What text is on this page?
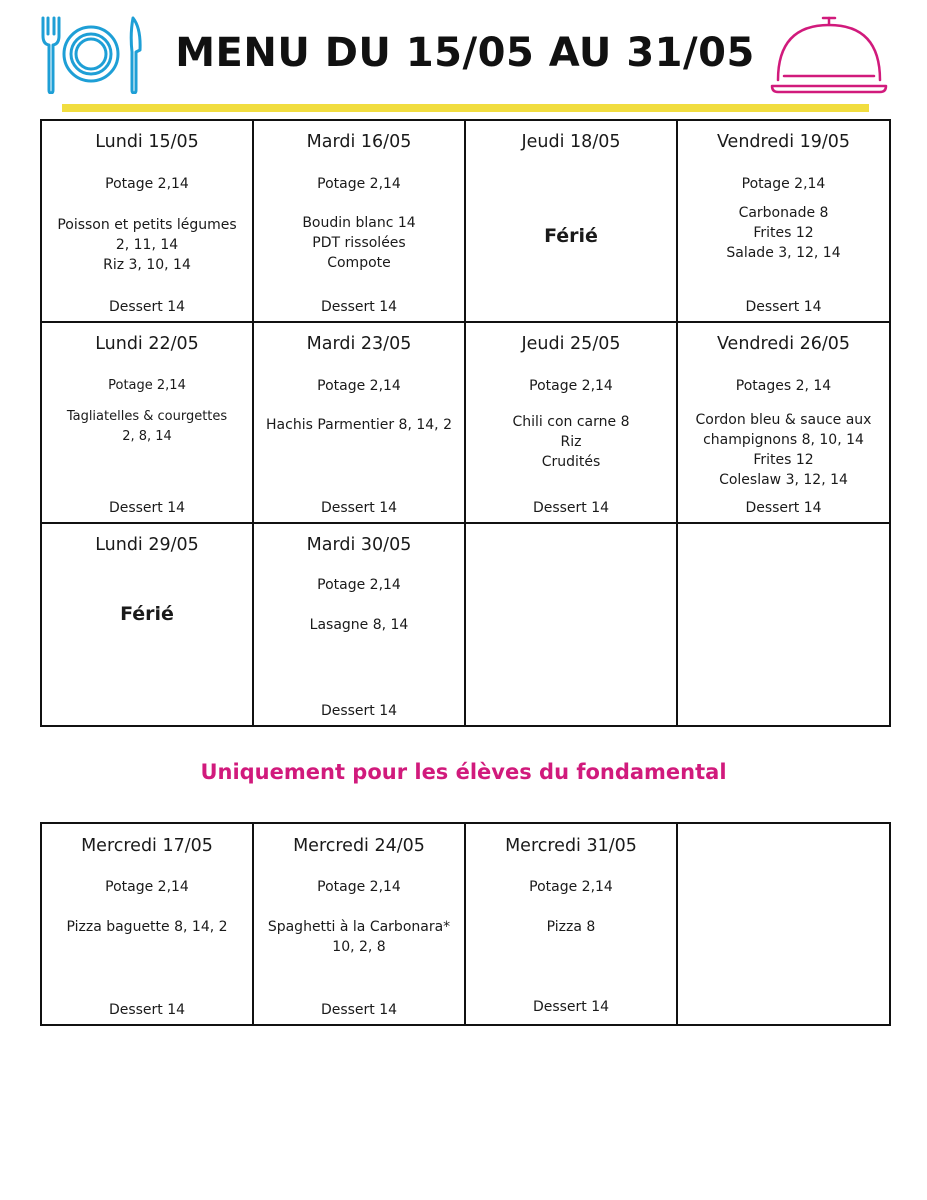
MENU DU 15/05 AU 31/05
Lundi 15/05
Potage 2,14
Poisson et petits légumes
2, 11, 14
Riz 3, 10, 14
Dessert 14
Mardi 16/05
Potage 2,14
Boudin blanc 14
PDT rissolées
Compote
Dessert 14
Jeudi 18/05
Férié
Vendredi 19/05
Potage 2,14
Carbonade 8
Frites 12
Salade 3, 12, 14
Dessert 14
Lundi 22/05
Potage 2,14
Tagliatelles & courgettes
2, 8, 14
Dessert 14
Mardi 23/05
Potage 2,14
Hachis Parmentier 8, 14, 2
Dessert 14
Jeudi 25/05
Potage 2,14
Chili con carne 8
Riz
Crudités
Dessert 14
Vendredi 26/05
Potages 2, 14
Cordon bleu & sauce aux
champignons 8, 10, 14
Frites 12
Coleslaw 3, 12, 14
Dessert 14
Lundi 29/05
Férié
Mardi 30/05
Potage 2,14
Lasagne 8, 14
Dessert 14
Uniquement pour les élèves du fondamental
Mercredi 17/05
Potage 2,14
Pizza baguette 8, 14, 2
Dessert 14
Mercredi 24/05
Potage 2,14
Spaghetti à la Carbonara*
10, 2, 8
Dessert 14
Mercredi 31/05
Potage 2,14
Pizza 8
Dessert 14
